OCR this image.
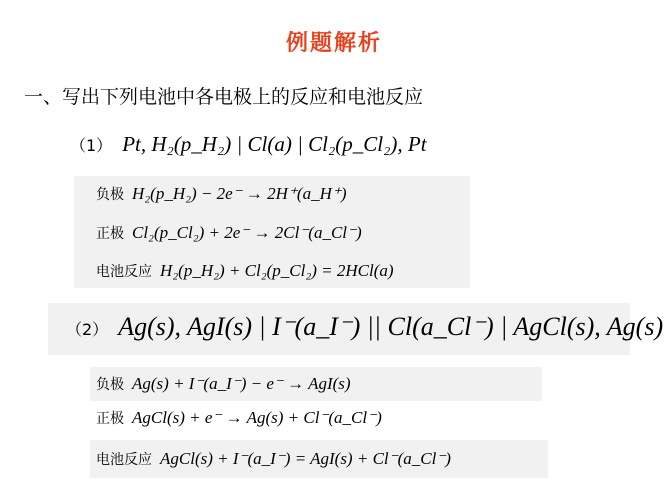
例题解析
一、写出下列电池中各电极上的反应和电池反应
（1） Pt, H₂(p_H₂) | Cl(a) | Cl₂(p_Cl₂), Pt
负极 H₂(p_H₂) − 2e⁻ → 2H⁺(a_H⁺)
正极 Cl₂(p_Cl₂) + 2e⁻ → 2Cl⁻(a_Cl⁻)
电池反应 H₂(p_H₂) + Cl₂(p_Cl₂) = 2HCl(a)
（2） Ag(s), AgI(s) | I⁻(a_I⁻) || Cl(a_Cl⁻) | AgCl(s), Ag(s)
负极 Ag(s) + I⁻(a_I⁻) − e⁻ → AgI(s)
正极 AgCl(s) + e⁻ → Ag(s) + Cl⁻(a_Cl⁻)
电池反应 AgCl(s) + I⁻(a_I⁻) = AgI(s) + Cl⁻(a_Cl⁻)
